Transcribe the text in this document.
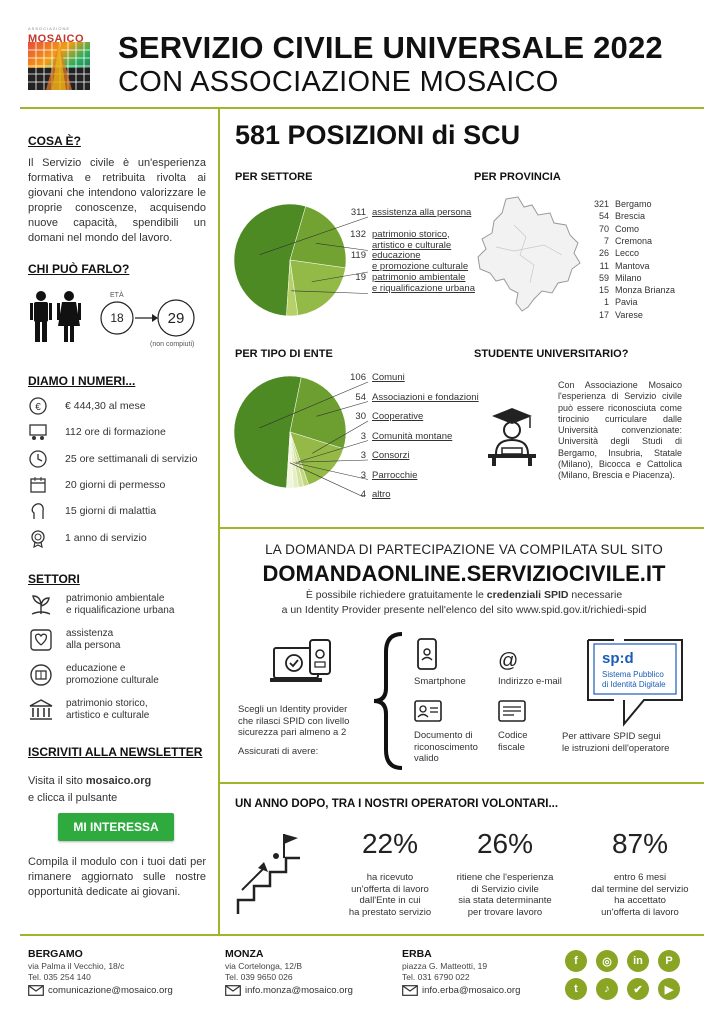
ASSOCIAZIONE
MOSAICO SERVIZIO CIVILE UNIVERSALE 2022
CON ASSOCIAZIONE MOSAICO
COSA È?
Il Servizio civile è un'esperienza formativa e retribuita rivolta ai giovani che intendono valorizzare le proprie conoscenze, acquisendo nuove capacità, spendibili un domani nel mondo del lavoro.
CHI PUÒ FARLO?
ETÀ
18	29
(non compiuti)
DIAMO I NUMERI...
€ € 444,30 al mese
112 ore di formazione
25 ore settimanali di servizio
20 giorni di permesso
15 giorni di malattia
1 anno di servizio
SETTORI
patrimonio ambientale
e riqualificazione urbana
assistenza
alla persona
educazione e
promozione culturale
patrimonio storico,
artistico e culturale
ISCRIVITI ALLA NEWSLETTER
Visita il sito mosaico.org
e clicca il pulsante
MI INTERESSA
Compila il modulo con i tuoi dati per rimanere aggiornato sulle nostre opportunità dedicate ai giovani.
581 POSIZIONI di SCU
PER SETTORE	PER PROVINCIA
311 assistenza alla persona
132 patrimonio storico,
artistico e culturale
119 educazione
e promozione culturale
19 patrimonio ambientale
e riqualificazione urbana
321 Bergamo
54 Brescia
70 Como
7 Cremona
26 Lecco
11 Mantova
59 Milano
15 Monza Brianza
1 Pavia
17 Varese
PER TIPO DI ENTE	STUDENTE UNIVERSITARIO?
106 Comuni
54 Associazioni e fondazioni
30 Cooperative
3 Comunità montane
3 Consorzi
3 Parrocchie
4 altro
Con Associazione Mosaico l'esperienza di Servizio civile può essere riconosciuta come tirocinio curriculare dalle Università convenzionate: Università degli Studi di Bergamo, Insubria, Statale (Milano), Bicocca e Cattolica (Milano, Brescia e Piacenza).
LA DOMANDA DI PARTECIPAZIONE VA COMPILATA SUL SITO
DOMANDAONLINE.SERVIZIOCIVILE.IT
È possibile richiedere gratuitamente le credenziali SPID necessarie
a un Identity Provider presente nell'elenco del sito www.spid.gov.it/richiedi-spid
Scegli un Identity provider
che rilasci SPID con livello
sicurezza pari almeno a 2
Assicurati di avere:
Smartphone
@
Indirizzo e-mail
Documento di
riconoscimento
valido
Codice
fiscale
sp:d
Sistema Pubblico
di Identità Digitale
Per attivare SPID segui
le istruzioni dell'operatore
UN ANNO DOPO, TRA I NOSTRI OPERATORI VOLONTARI...
22%
ha ricevuto
un'offerta di lavoro
dall'Ente in cui
ha prestato servizio
26%
ritiene che l'esperienza
di Servizio civile
sia stata determinante
per trovare lavoro
87%
entro 6 mesi
dal termine del servizio
ha accettato
un'offerta di lavoro
BERGAMO
via Palma il Vecchio, 18/c
Tel. 035 254 140
comunicazione@mosaico.org
MONZA
via Cortelonga, 12/B
Tel. 039 9650 026
info.monza@mosaico.org
ERBA
piazza G. Matteotti, 19
Tel. 031 6790 022
info.erba@mosaico.org
f	◎	in	P
t	♪	✔	▶
